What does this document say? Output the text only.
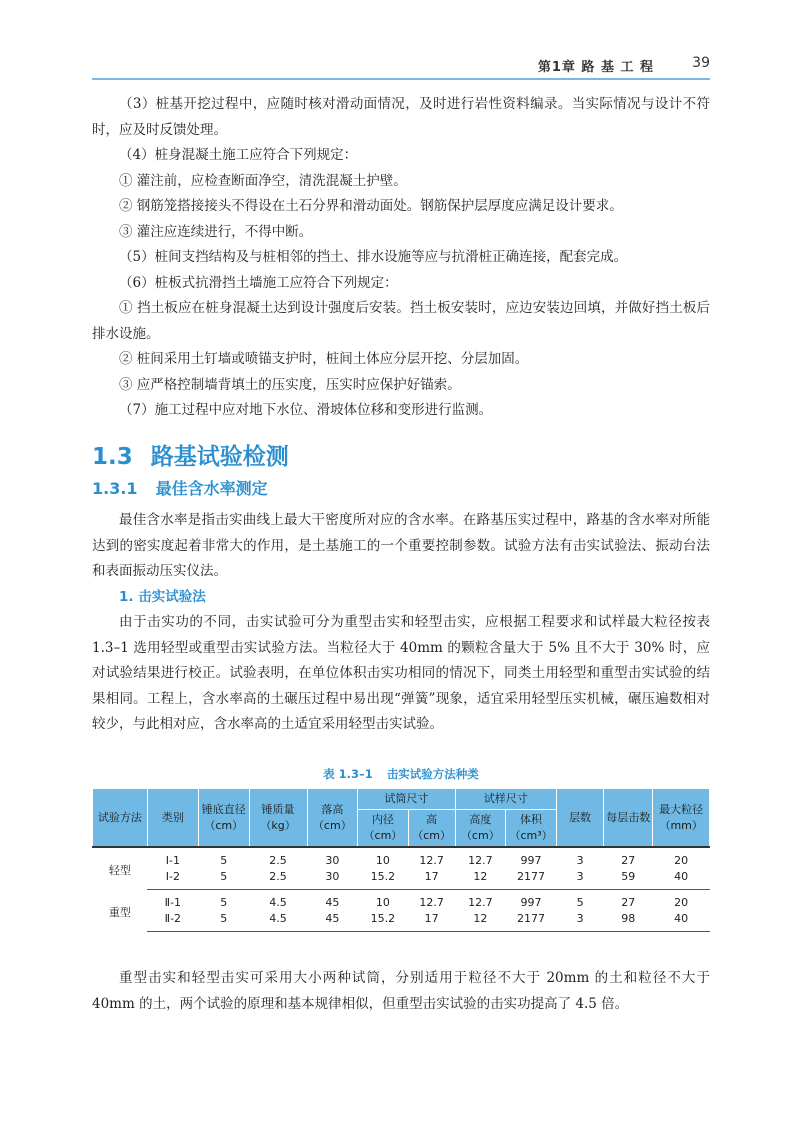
第1章 路 基 工 程	39

（3）桩基开挖过程中，应随时核对滑动面情况，及时进行岩性资料编录。当实际情况与设计不符时，应及时反馈处理。

（4）桩身混凝土施工应符合下列规定：

① 灌注前，应检查断面净空，清洗混凝土护壁。

② 钢筋笼搭接接头不得设在土石分界和滑动面处。钢筋保护层厚度应满足设计要求。

③ 灌注应连续进行，不得中断。

（5）桩间支挡结构及与桩相邻的挡土、排水设施等应与抗滑桩正确连接，配套完成。

（6）桩板式抗滑挡土墙施工应符合下列规定：

① 挡土板应在桩身混凝土达到设计强度后安装。挡土板安装时，应边安装边回填，并做好挡土板后排水设施。

② 桩间采用土钉墙或喷锚支护时，桩间土体应分层开挖、分层加固。

③ 应严格控制墙背填土的压实度，压实时应保护好锚索。

（7）施工过程中应对地下水位、滑坡体位移和变形进行监测。

1.3 路基试验检测
1.3.1 最佳含水率测定

最佳含水率是指击实曲线上最大干密度所对应的含水率。在路基压实过程中，路基的含水率对所能达到的密实度起着非常大的作用，是土基施工的一个重要控制参数。试验方法有击实试验法、振动台法和表面振动压实仪法。

1. 击实试验法

由于击实功的不同，击实试验可分为重型击实和轻型击实，应根据工程要求和试样最大粒径按表 1.3–1 选用轻型或重型击实试验方法。当粒径大于 40mm 的颗粒含量大于 5% 且不大于 30% 时，应对试验结果进行校正。试验表明，在单位体积击实功相同的情况下，同类土用轻型和重型击实试验的结果相同。工程上，含水率高的土碾压过程中易出现“弹簧”现象，适宜采用轻型压实机械，碾压遍数相对较少，与此相对应，含水率高的土适宜采用轻型击实试验。

表 1.3–1 击实试验方法种类
试验方法	类别	锤底直径（cm）	锤质量（kg）	落高（cm）	试筒尺寸		试样尺寸		层数	每层击数	最大粒径（mm）
					内径（cm）	高（cm）	高度（cm）	体积（cm³）			
轻型	Ⅰ-1	5	2.5	30	10	12.7	12.7	997	3	27	20
	Ⅰ-2	5	2.5	30	15.2	17	12	2177	3	59	40
重型	Ⅱ-1	5	4.5	45	10	12.7	12.7	997	5	27	20
	Ⅱ-2	5	4.5	45	15.2	17	12	2177	3	98	40

重型击实和轻型击实可采用大小两种试筒，分别适用于粒径不大于 20mm 的土和粒径不大于 40mm 的土，两个试验的原理和基本规律相似，但重型击实试验的击实功提高了 4.5 倍。
